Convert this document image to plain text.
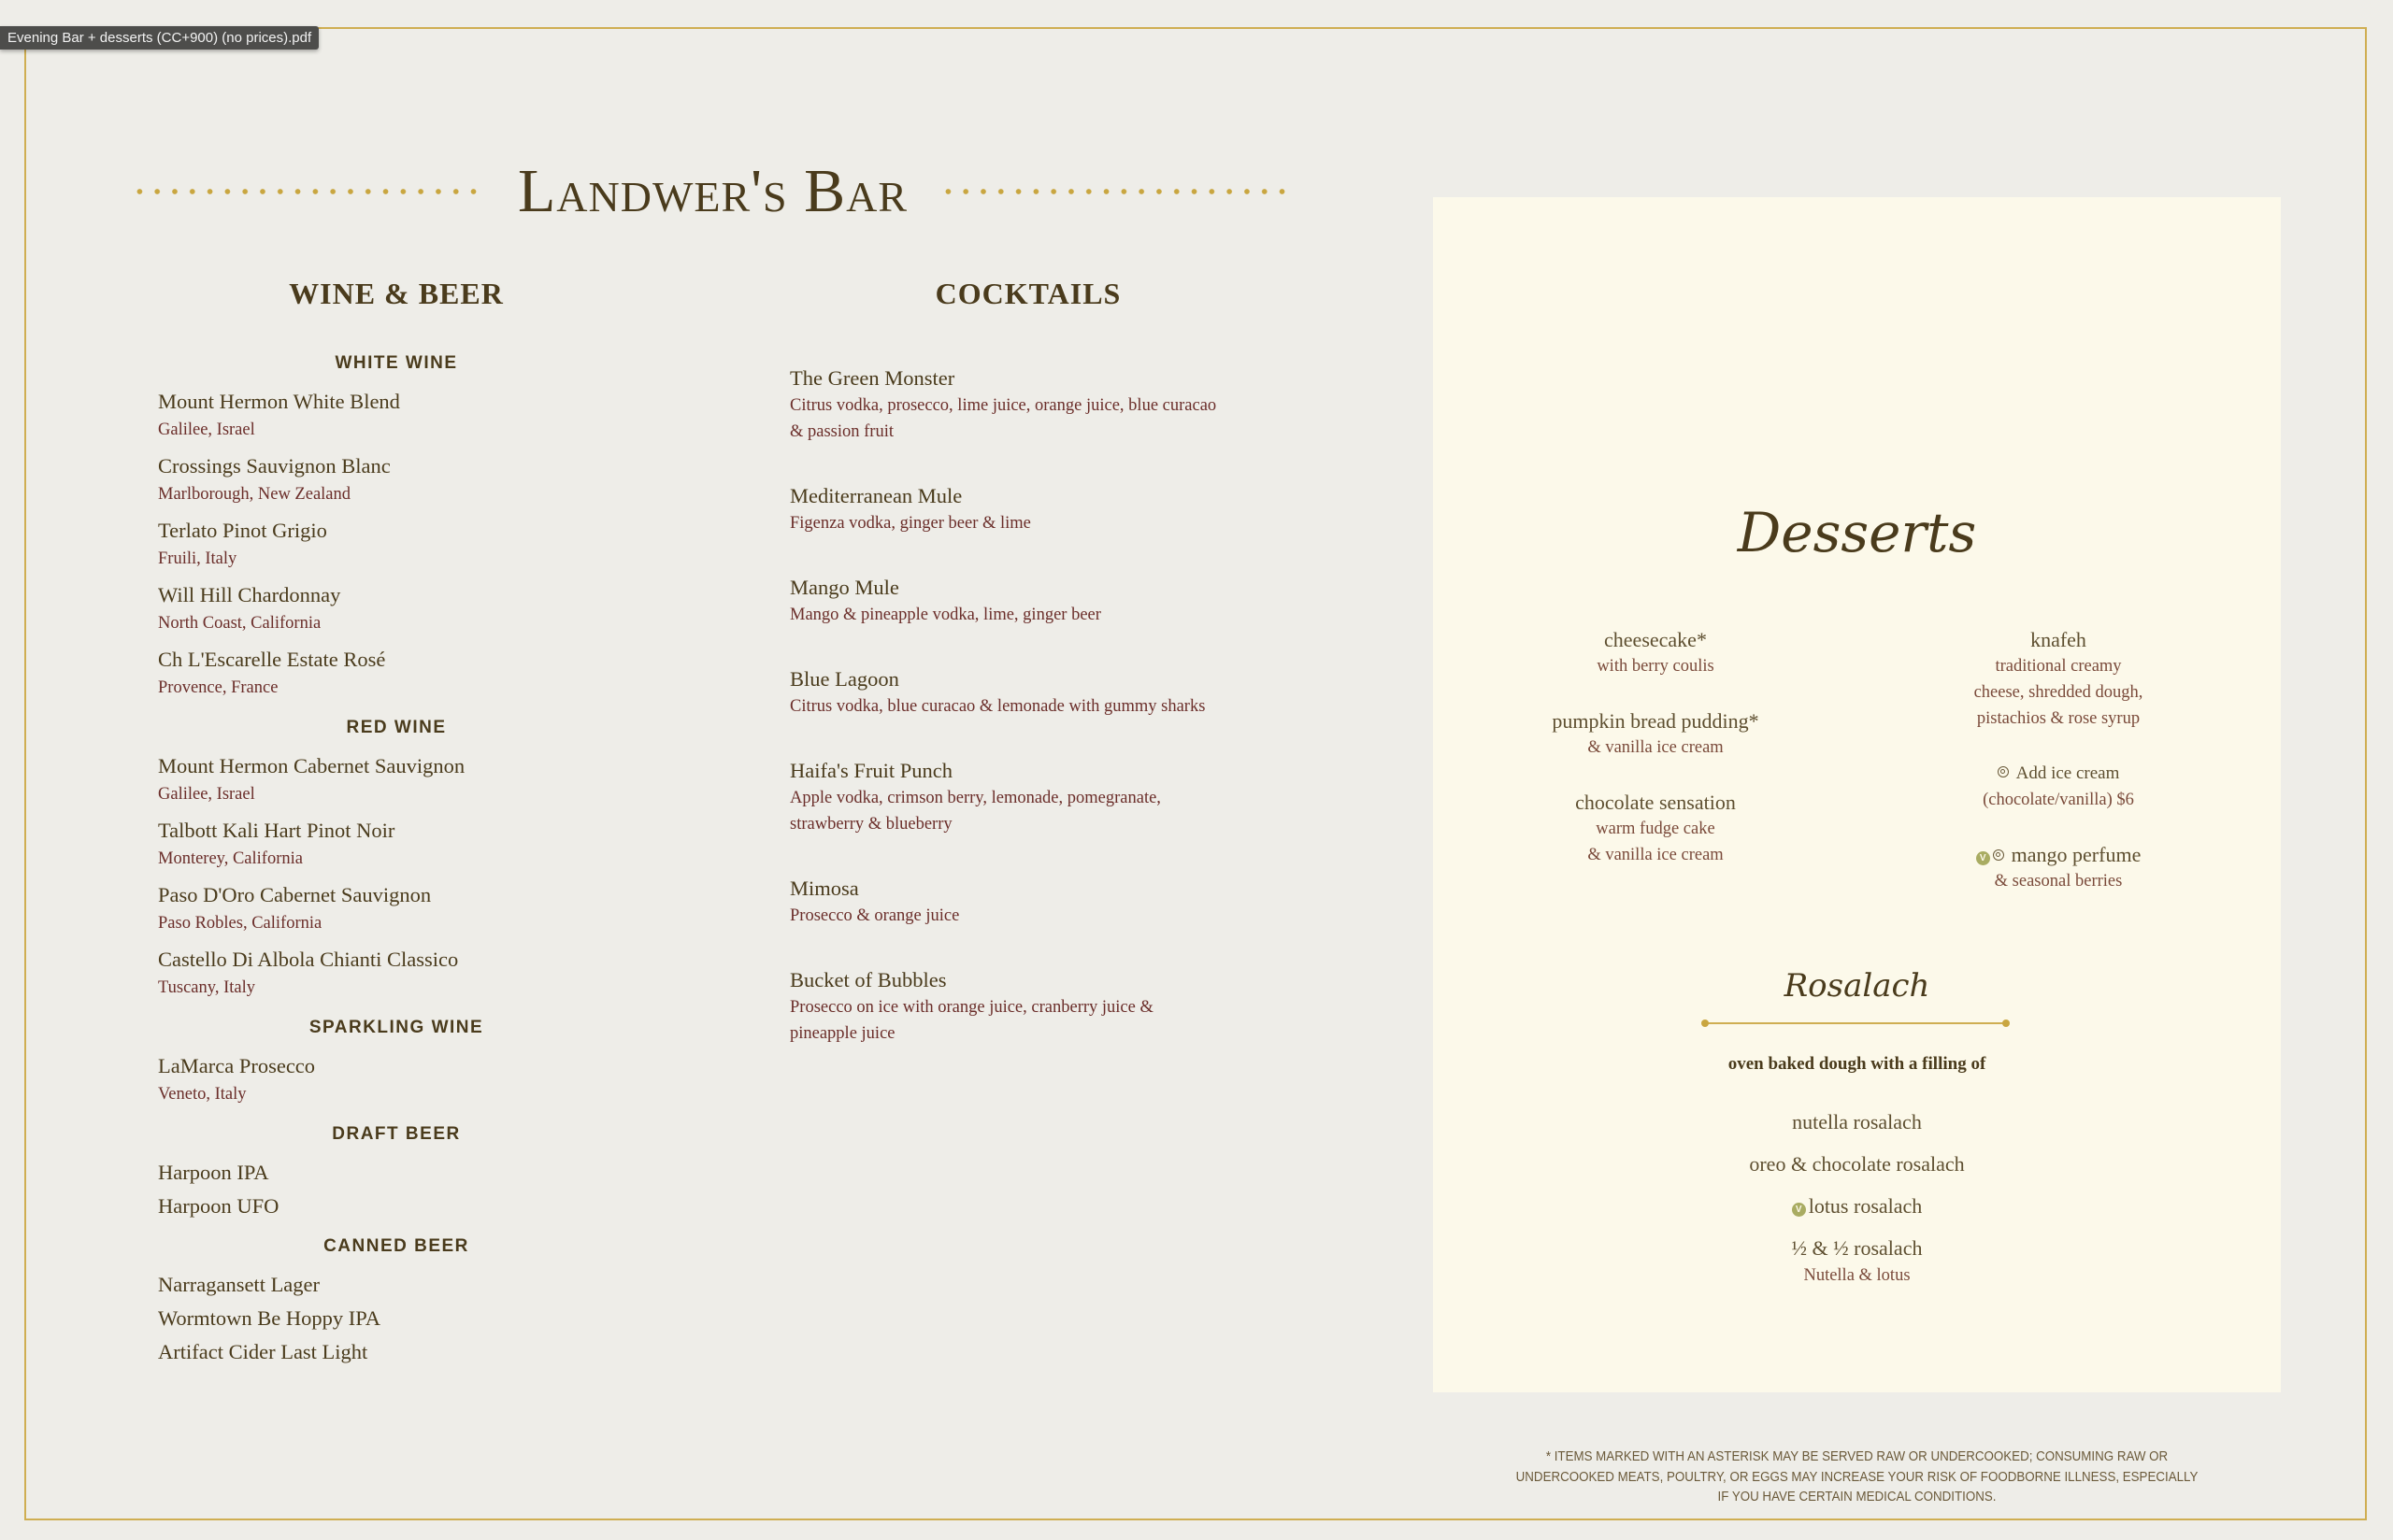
Evening Bar + desserts (CC+900) (no prices).pdf
Landwer's Bar
WINE & BEER	COCKTAILS
WHITE WINE
Mount Hermon White Blend
Galilee, Israel
Crossings Sauvignon Blanc
Marlborough, New Zealand
Terlato Pinot Grigio
Fruili, Italy
Will Hill Chardonnay
North Coast, California
Ch L'Escarelle Estate Rosé
Provence, France
RED WINE
Mount Hermon Cabernet Sauvignon
Galilee, Israel
Talbott Kali Hart Pinot Noir
Monterey, California
Paso D'Oro Cabernet Sauvignon
Paso Robles, California
Castello Di Albola Chianti Classico
Tuscany, Italy
SPARKLING WINE
LaMarca Prosecco
Veneto, Italy
DRAFT BEER
Harpoon IPA
Harpoon UFO
CANNED BEER
Narragansett Lager
Wormtown Be Hoppy IPA
Artifact Cider Last Light
The Green Monster
Citrus vodka, prosecco, lime juice, orange juice, blue curacao
& passion fruit
Mediterranean Mule
Figenza vodka, ginger beer & lime
Mango Mule
Mango & pineapple vodka, lime, ginger beer
Blue Lagoon
Citrus vodka, blue curacao & lemonade with gummy sharks
Haifa's Fruit Punch
Apple vodka, crimson berry, lemonade, pomegranate,
strawberry & blueberry
Mimosa
Prosecco & orange juice
Bucket of Bubbles
Prosecco on ice with orange juice, cranberry juice &
pineapple juice
Desserts
cheesecake*
with berry coulis
pumpkin bread pudding*
& vanilla ice cream
chocolate sensation
warm fudge cake
& vanilla ice cream
knafeh
traditional creamy
cheese, shredded dough,
pistachios & rose syrup
Add ice cream
(chocolate/vanilla) $6
V mango perfume
& seasonal berries
Rosalach
oven baked dough with a filling of
nutella rosalach
oreo & chocolate rosalach
V lotus rosalach
½ & ½ rosalach
Nutella & lotus
* ITEMS MARKED WITH AN ASTERISK MAY BE SERVED RAW OR UNDERCOOKED; CONSUMING RAW OR UNDERCOOKED MEATS, POULTRY, OR EGGS MAY INCREASE YOUR RISK OF FOODBORNE ILLNESS, ESPECIALLY IF YOU HAVE CERTAIN MEDICAL CONDITIONS.
